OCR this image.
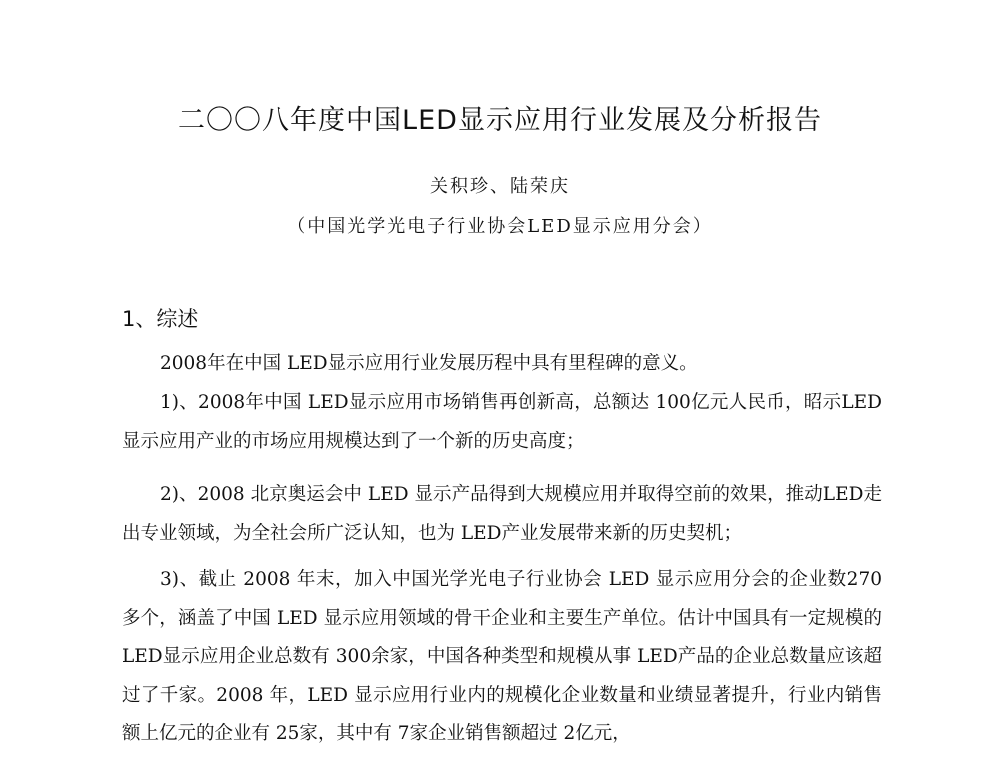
二〇〇八年度中国LED显示应用行业发展及分析报告
关积珍、陆荣庆
（中国光学光电子行业协会LED显示应用分会）
1、综述

2008年在中国 LED显示应用行业发展历程中具有里程碑的意义。

1)、2008年中国 LED显示应用市场销售再创新高，总额达 100亿元人民币，昭示LED显示应用产业的市场应用规模达到了一个新的历史高度；

2)、2008 北京奥运会中 LED 显示产品得到大规模应用并取得空前的效果，推动LED走出专业领域，为全社会所广泛认知，也为 LED产业发展带来新的历史契机；

3)、截止 2008 年末，加入中国光学光电子行业协会 LED 显示应用分会的企业数270 多个，涵盖了中国 LED 显示应用领域的骨干企业和主要生产单位。估计中国具有一定规模的 LED显示应用企业总数有 300余家，中国各种类型和规模从事 LED产品的企业总数量应该超过了千家。2008 年，LED 显示应用行业内的规模化企业数量和业绩显著提升，行业内销售额上亿元的企业有 25家，其中有 7家企业销售额超过 2亿元，
